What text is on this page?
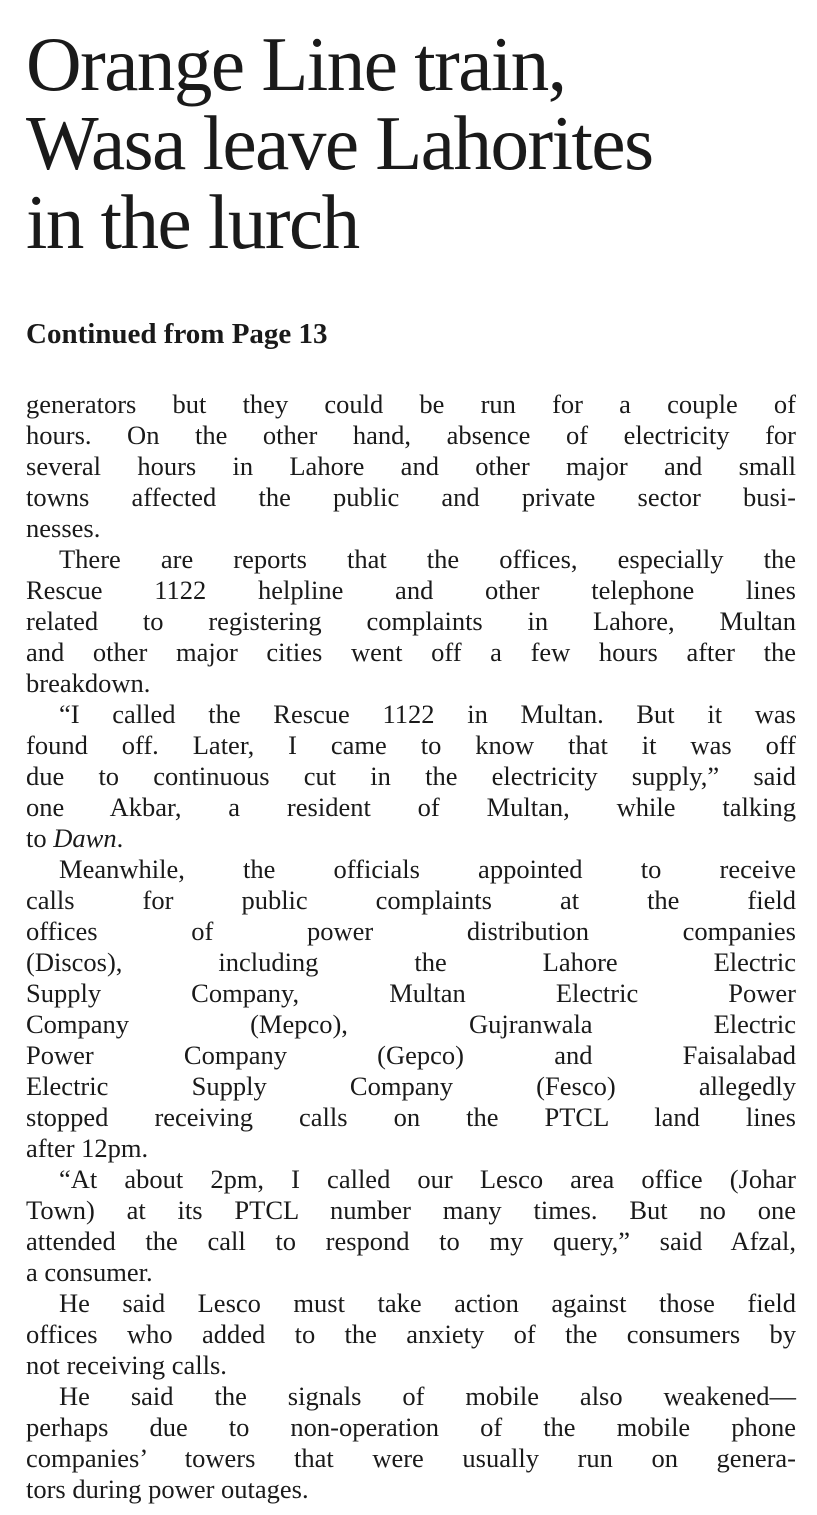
Orange Line train,
Wasa leave Lahorites
in the lurch
Continued from Page 13
generators but they could be run for a couple of
hours. On the other hand, absence of electricity for
several hours in Lahore and other major and small
towns affected the public and private sector busi-
nesses.
There are reports that the offices, especially the
Rescue 1122 helpline and other telephone lines
related to registering complaints in Lahore, Multan
and other major cities went off a few hours after the
breakdown.
“I called the Rescue 1122 in Multan. But it was
found off. Later, I came to know that it was off
due to continuous cut in the electricity supply,” said
one Akbar, a resident of Multan, while talking
to Dawn.
Meanwhile, the officials appointed to receive
calls for public complaints at the field
offices of power distribution companies
(Discos), including the Lahore Electric
Supply Company, Multan Electric Power
Company (Mepco), Gujranwala Electric
Power Company (Gepco) and Faisalabad
Electric Supply Company (Fesco) allegedly
stopped receiving calls on the PTCL land lines
after 12pm.
“At about 2pm, I called our Lesco area office (Johar
Town) at its PTCL number many times. But no one
attended the call to respond to my query,” said Afzal,
a consumer.
He said Lesco must take action against those field
offices who added to the anxiety of the consumers by
not receiving calls.
He said the signals of mobile also weakened—
perhaps due to non-operation of the mobile phone
companies’ towers that were usually run on genera-
tors during power outages.
